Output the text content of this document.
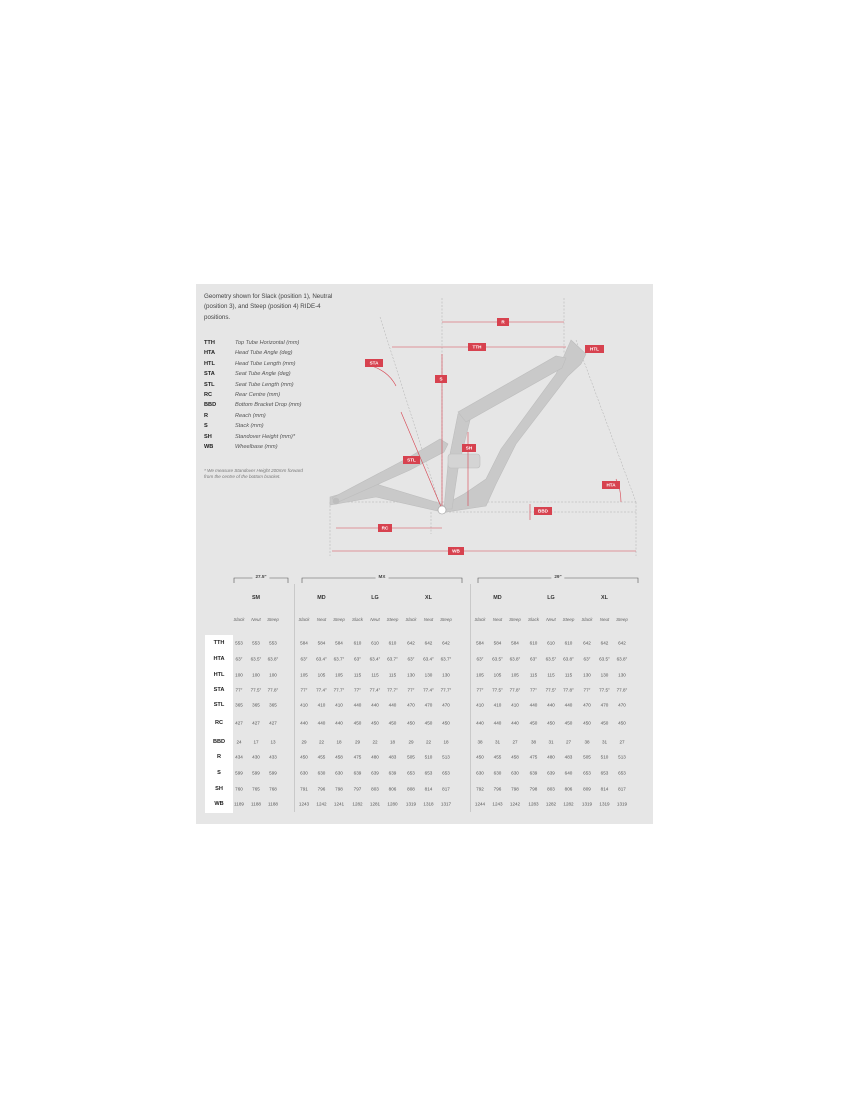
Geometry shown for Slack (position 1), Neutral (position 3), and Steep (position 4) RIDE-4 positions.
TTH	Top Tube Horizontal (mm)
HTA	Head Tube Angle (deg)
HTL	Head Tube Length (mm)
STA	Seat Tube Angle (deg)
STL	Seat Tube Length (mm)
RC	Rear Centre (mm)
BBD	Bottom Bracket Drop (mm)
R	Reach (mm)
S	Stack (mm)
SH	Standover Height (mm)*
WB	Wheelbase (mm)
* We measure Standover Height 200mm forward from the centre of the bottom bracket.
R
TTH	HTL
STA
S
SH
STL
HTA
BBD
RC
WB
27.5"	MX	29"
SM
Slack Neut Steep
MD
Slack Neut Steep
LG
Slack Neut Steep
XL
Slack Neut Steep
MD
Slack Neut Steep
LG
Slack Neut Steep
XL
Slack Neut Steep
TTH	553 553 553	584 584 584 610 610 610 642 642 642	584 584 584 610 610 610 642 642 642
HTA	63° 63.5° 63.8°	63° 63.4° 63.7° 63° 63.4° 63.7° 63° 63.4° 63.7°	63° 63.5° 63.8° 63° 63.5° 63.8° 63° 63.5° 63.8°
HTL	100 100 100	105 105 105 115 115 115 130 130 130	105 105 105 115 115 115 130 130 130
STA	77° 77.5° 77.8°	77° 77.4° 77.7° 77° 77.4° 77.7° 77° 77.4° 77.7°	77° 77.5° 77.8° 77° 77.5° 77.8° 77° 77.5° 77.8°
STL	365 365 365	410 410 410 440 440 440 470 470 470	410 410 410 440 440 440 470 470 470
RC	427 427 427	440 440 440 450 450 450 450 450 450	440 440 440 450 450 450 450 450 450
BBD	24	17	13	29	22	18	29	22	18	29	22	18	38	31	27	38	31	27	38	31	27
R	434 430 433	450 455 458 475 480 483 505 510 513	450 455 458 475 480 483 505 510 513
S	599 599 599	630 630 630 639 639 639 653 653 653	630 630 630 639 639 640 653 653 653
SH	760 765 768	791 796 798 797 803 806 808 814 817	792 796 798 798 803 806 809 814 817
WB	1189 1188 1188	1243 1242 1241 1282 1281 1280 1319 1318 1317	1244 1243 1242 1283 1282 1282 1319 1319 1319
